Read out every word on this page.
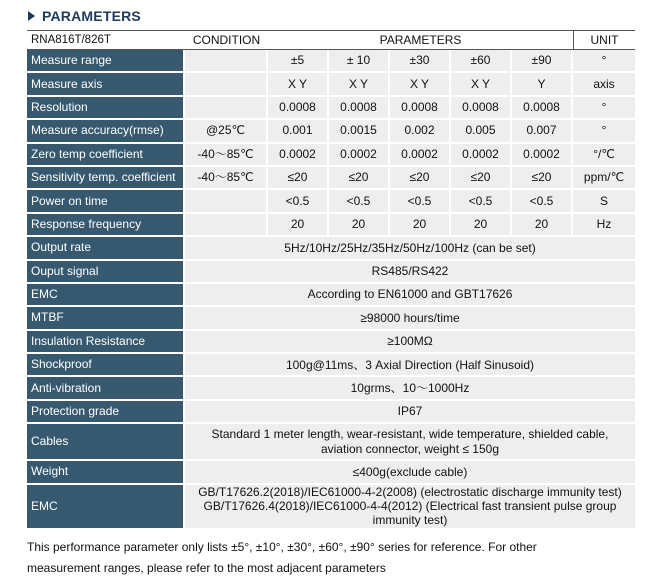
PARAMETERS
RNA816T/826T	CONDITION	PARAMETERS					UNIT
Measure range		±5	± 10	±30	±60	±90	°
Measure axis		X Y	X Y	X Y	X Y	Y	axis
Resolution		0.0008	0.0008	0.0008	0.0008	0.0008	°
Measure accuracy(rmse)	@25℃	0.001	0.0015	0.002	0.005	0.007	°
Zero temp coefficient	-40～85℃	0.0002	0.0002	0.0002	0.0002	0.0002	°/℃
Sensitivity temp. coefficient	-40～85℃	≤20	≤20	≤20	≤20	≤20	ppm/℃
Power on time		<0.5	<0.5	<0.5	<0.5	<0.5	S
Response frequency		20	20	20	20	20	Hz
Output rate	5Hz/10Hz/25Hz/35Hz/50Hz/100Hz (can be set)						

Ouput signal	RS485/RS422						

EMC	According to EN61000 and GBT17626						

MTBF	≥98000 hours/time						

Insulation Resistance	≥100MΩ						

Shockproof	100g@11ms、3 Axial Direction (Half Sinusoid)						

Anti-vibration	10grms、10～1000Hz						

Protection grade	IP67						

Cables	Standard 1 meter length, wear-resistant, wide temperature, shielded cable,
aviation connector, weight ≤ 150g						

Weight	≤400g(exclude cable)						

EMC	GB/T17626.2(2018)/IEC61000-4-2(2008) (electrostatic discharge immunity test)
GB/T17626.4(2018)/IEC61000-4-4(2012) (Electrical fast transient pulse group
immunity test)						
This performance parameter only lists ±5°, ±10°, ±30°, ±60°, ±90° series for reference. For other
measurement ranges, please refer to the most adjacent parameters
